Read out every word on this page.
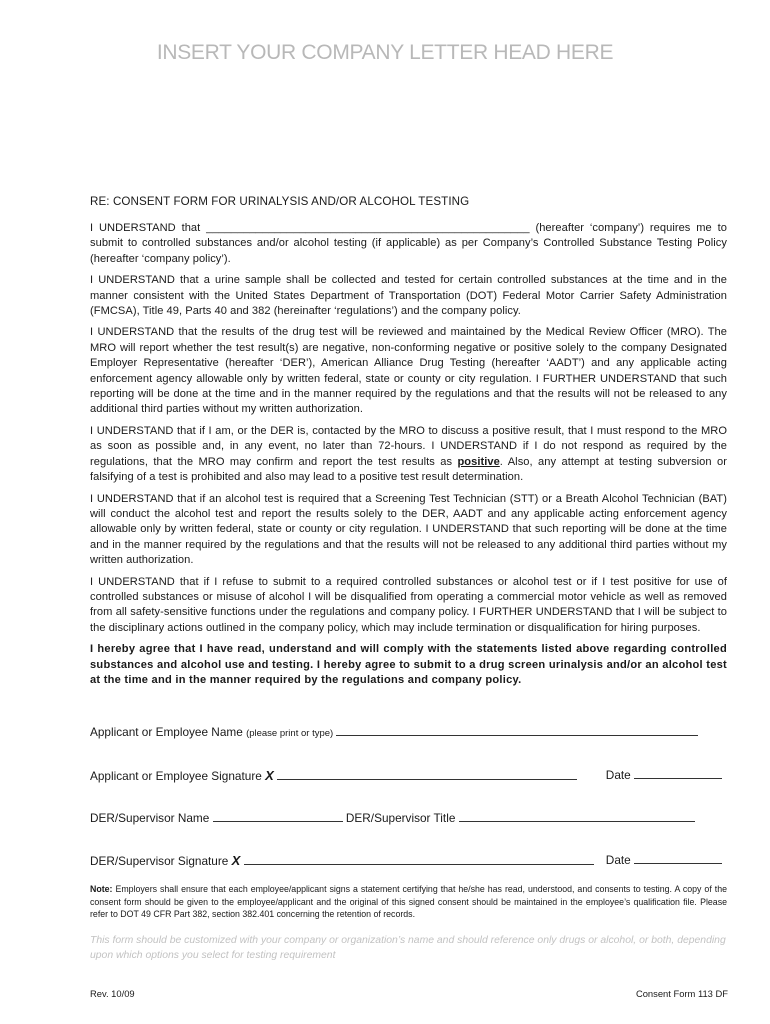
INSERT YOUR COMPANY LETTER HEAD HERE
RE: CONSENT FORM FOR URINALYSIS AND/OR ALCOHOL TESTING

I UNDERSTAND that ____________________________________________________ (hereafter ‘company’) requires me to submit to controlled substances and/or alcohol testing (if applicable) as per Company’s Controlled Substance Testing Policy (hereafter ‘company policy’).

I UNDERSTAND that a urine sample shall be collected and tested for certain controlled substances at the time and in the manner consistent with the United States Department of Transportation (DOT) Federal Motor Carrier Safety Administration (FMCSA), Title 49, Parts 40 and 382 (hereinafter ‘regulations’) and the company policy.

I UNDERSTAND that the results of the drug test will be reviewed and maintained by the Medical Review Officer (MRO). The MRO will report whether the test result(s) are negative, non-conforming negative or positive solely to the company Designated Employer Representative (hereafter ‘DER’), American Alliance Drug Testing (hereafter ‘AADT’) and any applicable acting enforcement agency allowable only by written federal, state or county or city regulation. I FURTHER UNDERSTAND that such reporting will be done at the time and in the manner required by the regulations and that the results will not be released to any additional third parties without my written authorization.

I UNDERSTAND that if I am, or the DER is, contacted by the MRO to discuss a positive result, that I must respond to the MRO as soon as possible and, in any event, no later than 72-hours. I UNDERSTAND if I do not respond as required by the regulations, that the MRO may confirm and report the test results as positive. Also, any attempt at testing subversion or falsifying of a test is prohibited and also may lead to a positive test result determination.

I UNDERSTAND that if an alcohol test is required that a Screening Test Technician (STT) or a Breath Alcohol Technician (BAT) will conduct the alcohol test and report the results solely to the DER, AADT and any applicable acting enforcement agency allowable only by written federal, state or county or city regulation. I UNDERSTAND that such reporting will be done at the time and in the manner required by the regulations and that the results will not be released to any additional third parties without my written authorization.

I UNDERSTAND that if I refuse to submit to a required controlled substances or alcohol test or if I test positive for use of controlled substances or misuse of alcohol I will be disqualified from operating a commercial motor vehicle as well as removed from all safety-sensitive functions under the regulations and company policy. I FURTHER UNDERSTAND that I will be subject to the disciplinary actions outlined in the company policy, which may include termination or disqualification for hiring purposes.

I hereby agree that I have read, understand and will comply with the statements listed above regarding controlled substances and alcohol use and testing. I hereby agree to submit to a drug screen urinalysis and/or an alcohol test at the time and in the manner required by the regulations and company policy.

Applicant or Employee Name (please print or type)
Applicant or Employee Signature X	Date
DER/Supervisor Name	DER/Supervisor Title
DER/Supervisor Signature X	Date
Note: Employers shall ensure that each employee/applicant signs a statement certifying that he/she has read, understood, and consents to testing. A copy of the consent form should be given to the employee/applicant and the original of this signed consent should be maintained in the employee’s qualification file. Please refer to DOT 49 CFR Part 382, section 382.401 concerning the retention of records.
This form should be customized with your company or organization’s name and should reference only drugs or alcohol, or both, depending upon which options you select for testing requirement
Rev. 10/09	Consent Form 113 DF
